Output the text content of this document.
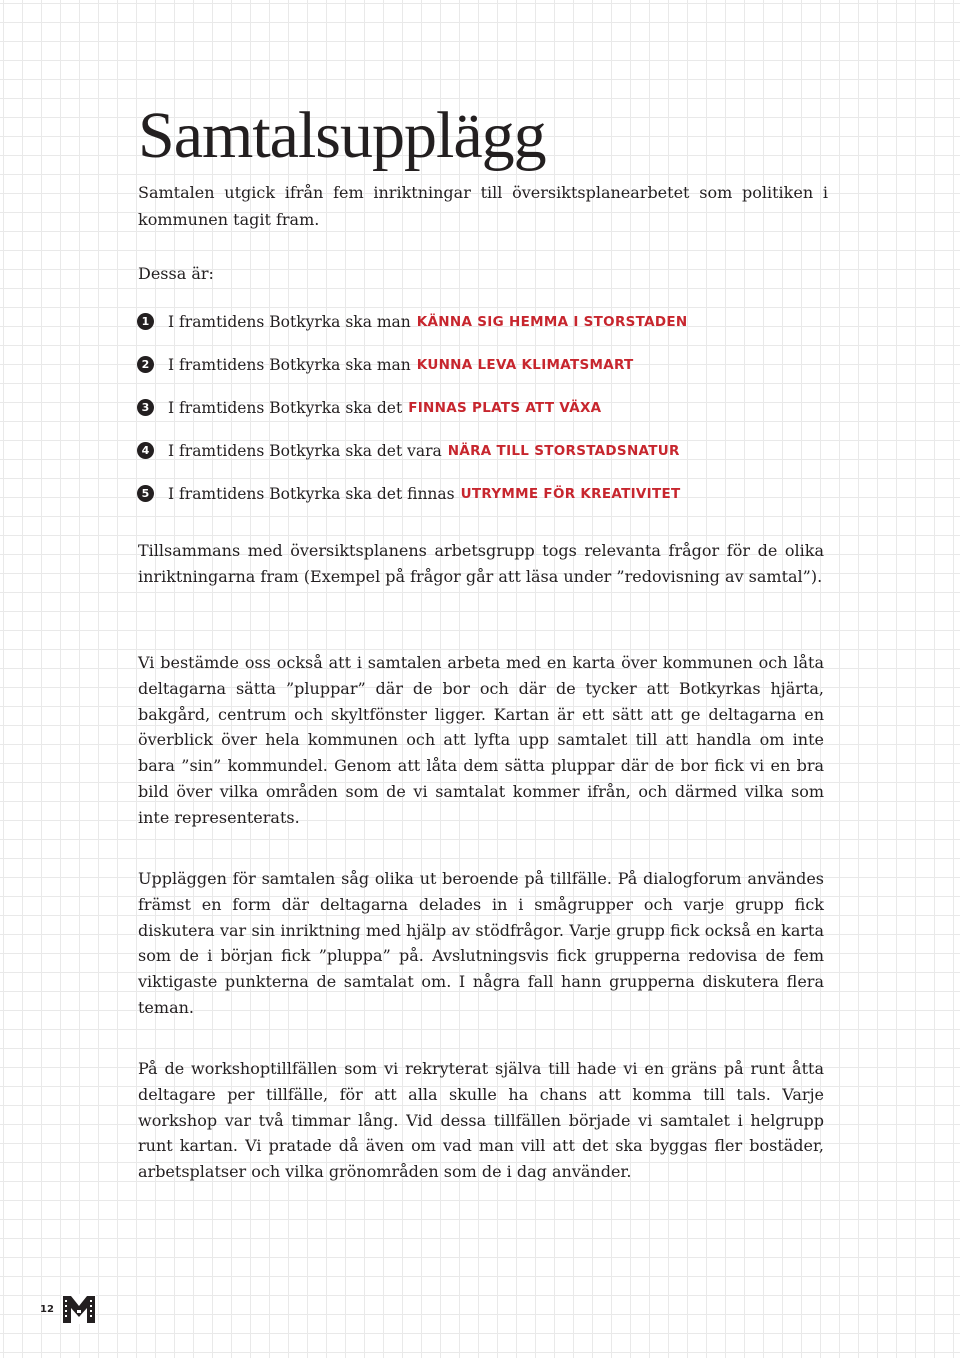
Samtalsupplägg

Samtalen utgick ifrån fem inriktningar till översiktsplanearbetet som politiken i kommunen tagit fram.

Dessa är:

1	I framtidens Botkyrka ska man KÄNNA SIG HEMMA I STORSTADEN
2	I framtidens Botkyrka ska man KUNNA LEVA KLIMATSMART
3	I framtidens Botkyrka ska det FINNAS PLATS ATT VÄXA
4	I framtidens Botkyrka ska det vara NÄRA TILL STORSTADSNATUR
5	I framtidens Botkyrka ska det finnas UTRYMME FÖR KREATIVITET

Tillsammans med översiktsplanens arbetsgrupp togs relevanta frågor för de olika inriktningarna fram (Exempel på frågor går att läsa under ”redovisning av samtal”).

Vi bestämde oss också att i samtalen arbeta med en karta över kommunen och låta deltagarna sätta ”pluppar” där de bor och där de tycker att Botkyrkas hjärta, bakgård, centrum och skyltfönster ligger. Kartan är ett sätt att ge deltagarna en överblick över hela kommunen och att lyfta upp samtalet till att handla om inte bara ”sin” kommundel. Genom att låta dem sätta pluppar där de bor fick vi en bra bild över vilka områden som de vi samtalat kommer ifrån, och därmed vilka som inte representerats.

Uppläggen för samtalen såg olika ut beroende på tillfälle. På dialogforum användes främst en form där deltagarna delades in i smågrupper och varje grupp fick diskutera var sin inriktning med hjälp av stödfrågor. Varje grupp fick också en karta som de i början fick ”pluppa” på. Avslutningsvis fick grupperna redovisa de fem viktigaste punkterna de samtalat om. I några fall hann grupperna diskutera flera teman.

På de workshoptillfällen som vi rekryterat själva till hade vi en gräns på runt åtta deltagare per tillfälle, för att alla skulle ha chans att komma till tals. Varje workshop var två timmar lång. Vid dessa tillfällen började vi samtalet i helgrupp runt kartan. Vi pratade då även om vad man vill att det ska byggas fler bostäder, arbetsplatser och vilka grönområden som de i dag använder.

12
